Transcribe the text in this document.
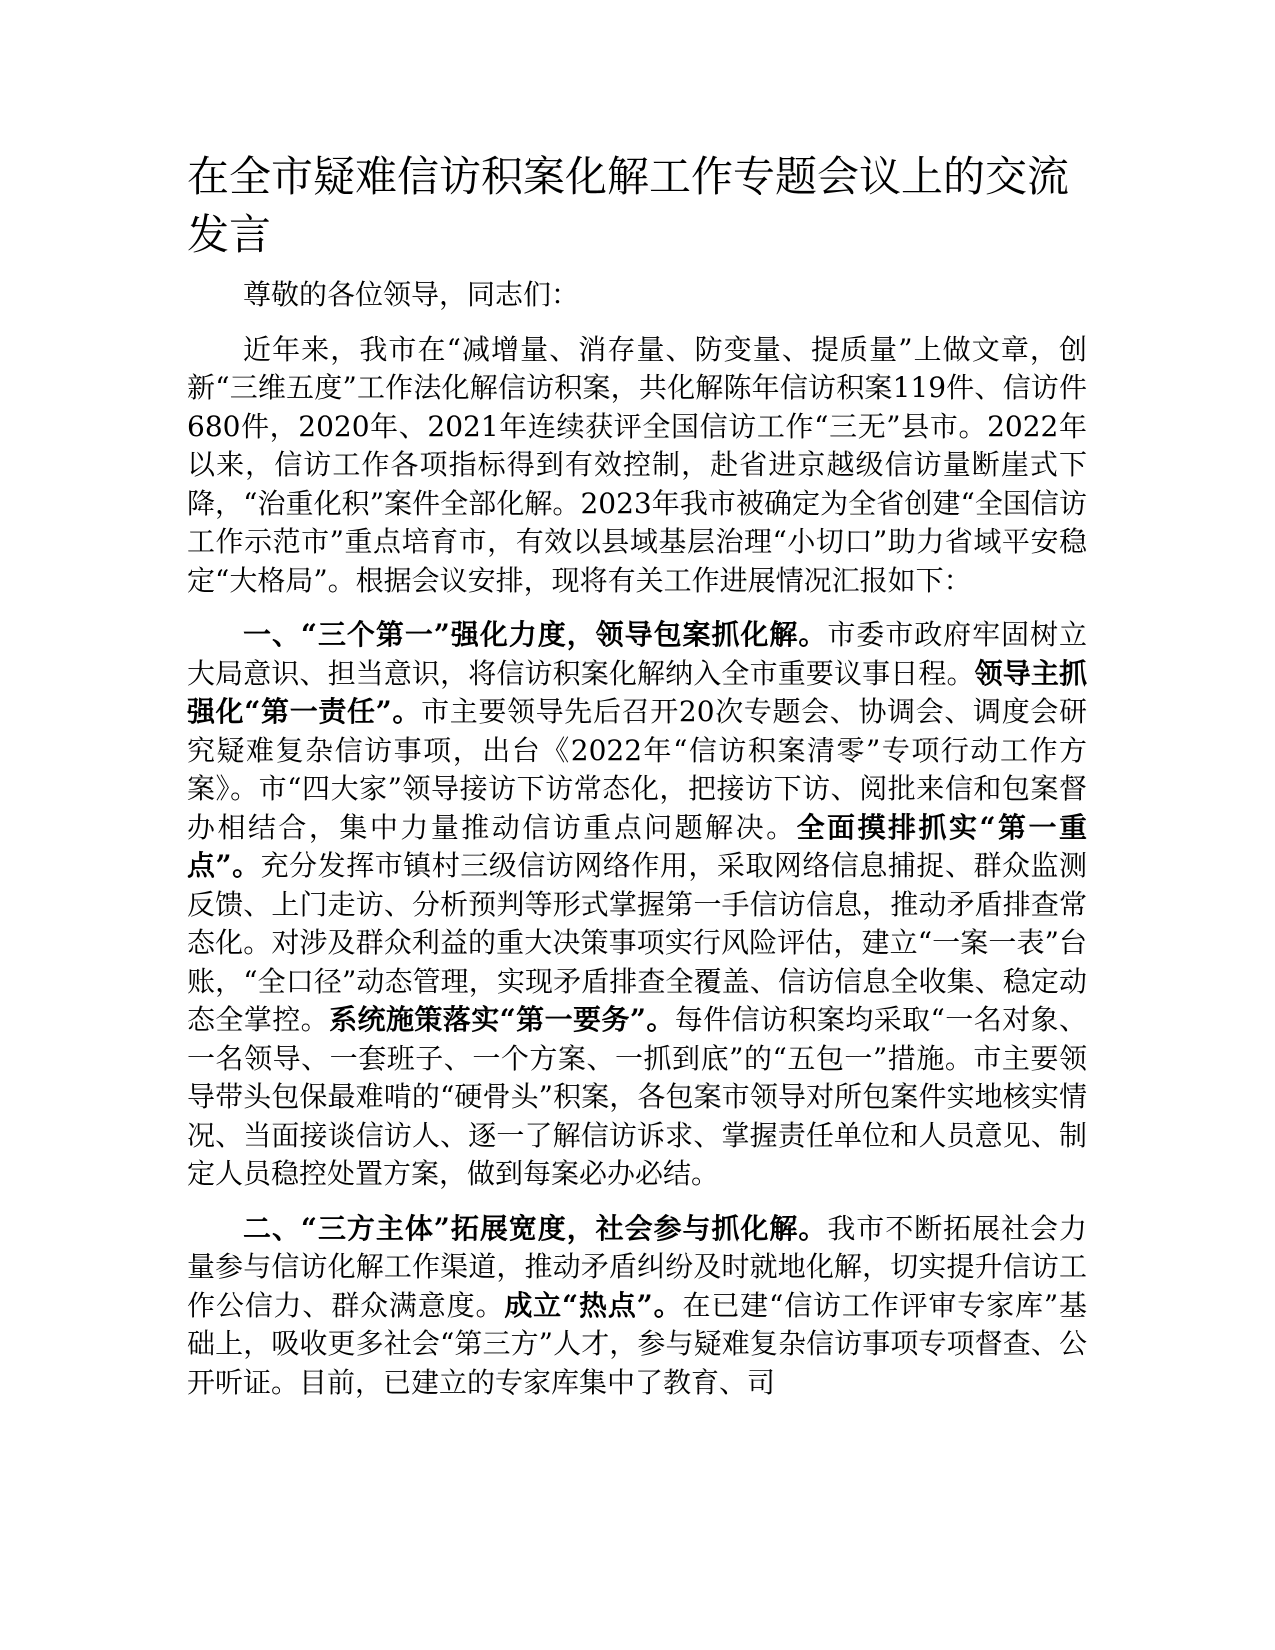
在全市疑难信访积案化解工作专题会议上的交流发言

尊敬的各位领导，同志们：

近年来，我市在“减增量、消存量、防变量、提质量”上做文章，创新“三维五度”工作法化解信访积案，共化解陈年信访积案119件、信访件680件，2020年、2021年连续获评全国信访工作“三无”县市。2022年以来，信访工作各项指标得到有效控制，赴省进京越级信访量断崖式下降，“治重化积”案件全部化解。2023年我市被确定为全省创建“全国信访工作示范市”重点培育市，有效以县域基层治理“小切口”助力省域平安稳定“大格局”。根据会议安排，现将有关工作进展情况汇报如下：

一、“三个第一”强化力度，领导包案抓化解。市委市政府牢固树立大局意识、担当意识，将信访积案化解纳入全市重要议事日程。领导主抓强化“第一责任”。市主要领导先后召开20次专题会、协调会、调度会研究疑难复杂信访事项，出台《2022年“信访积案清零”专项行动工作方案》。市“四大家”领导接访下访常态化，把接访下访、阅批来信和包案督办相结合，集中力量推动信访重点问题解决。全面摸排抓实“第一重点”。充分发挥市镇村三级信访网络作用，采取网络信息捕捉、群众监测反馈、上门走访、分析预判等形式掌握第一手信访信息，推动矛盾排查常态化。对涉及群众利益的重大决策事项实行风险评估，建立“一案一表”台账，“全口径”动态管理，实现矛盾排查全覆盖、信访信息全收集、稳定动态全掌控。系统施策落实“第一要务”。每件信访积案均采取“一名对象、一名领导、一套班子、一个方案、一抓到底”的“五包一”措施。市主要领导带头包保最难啃的“硬骨头”积案，各包案市领导对所包案件实地核实情况、当面接谈信访人、逐一了解信访诉求、掌握责任单位和人员意见、制定人员稳控处置方案，做到每案必办必结。

二、“三方主体”拓展宽度，社会参与抓化解。我市不断拓展社会力量参与信访化解工作渠道，推动矛盾纠纷及时就地化解，切实提升信访工作公信力、群众满意度。成立“热点”。在已建“信访工作评审专家库”基础上，吸收更多社会“第三方”人才，参与疑难复杂信访事项专项督查、公开听证。目前，已建立的专家库集中了教育、司
